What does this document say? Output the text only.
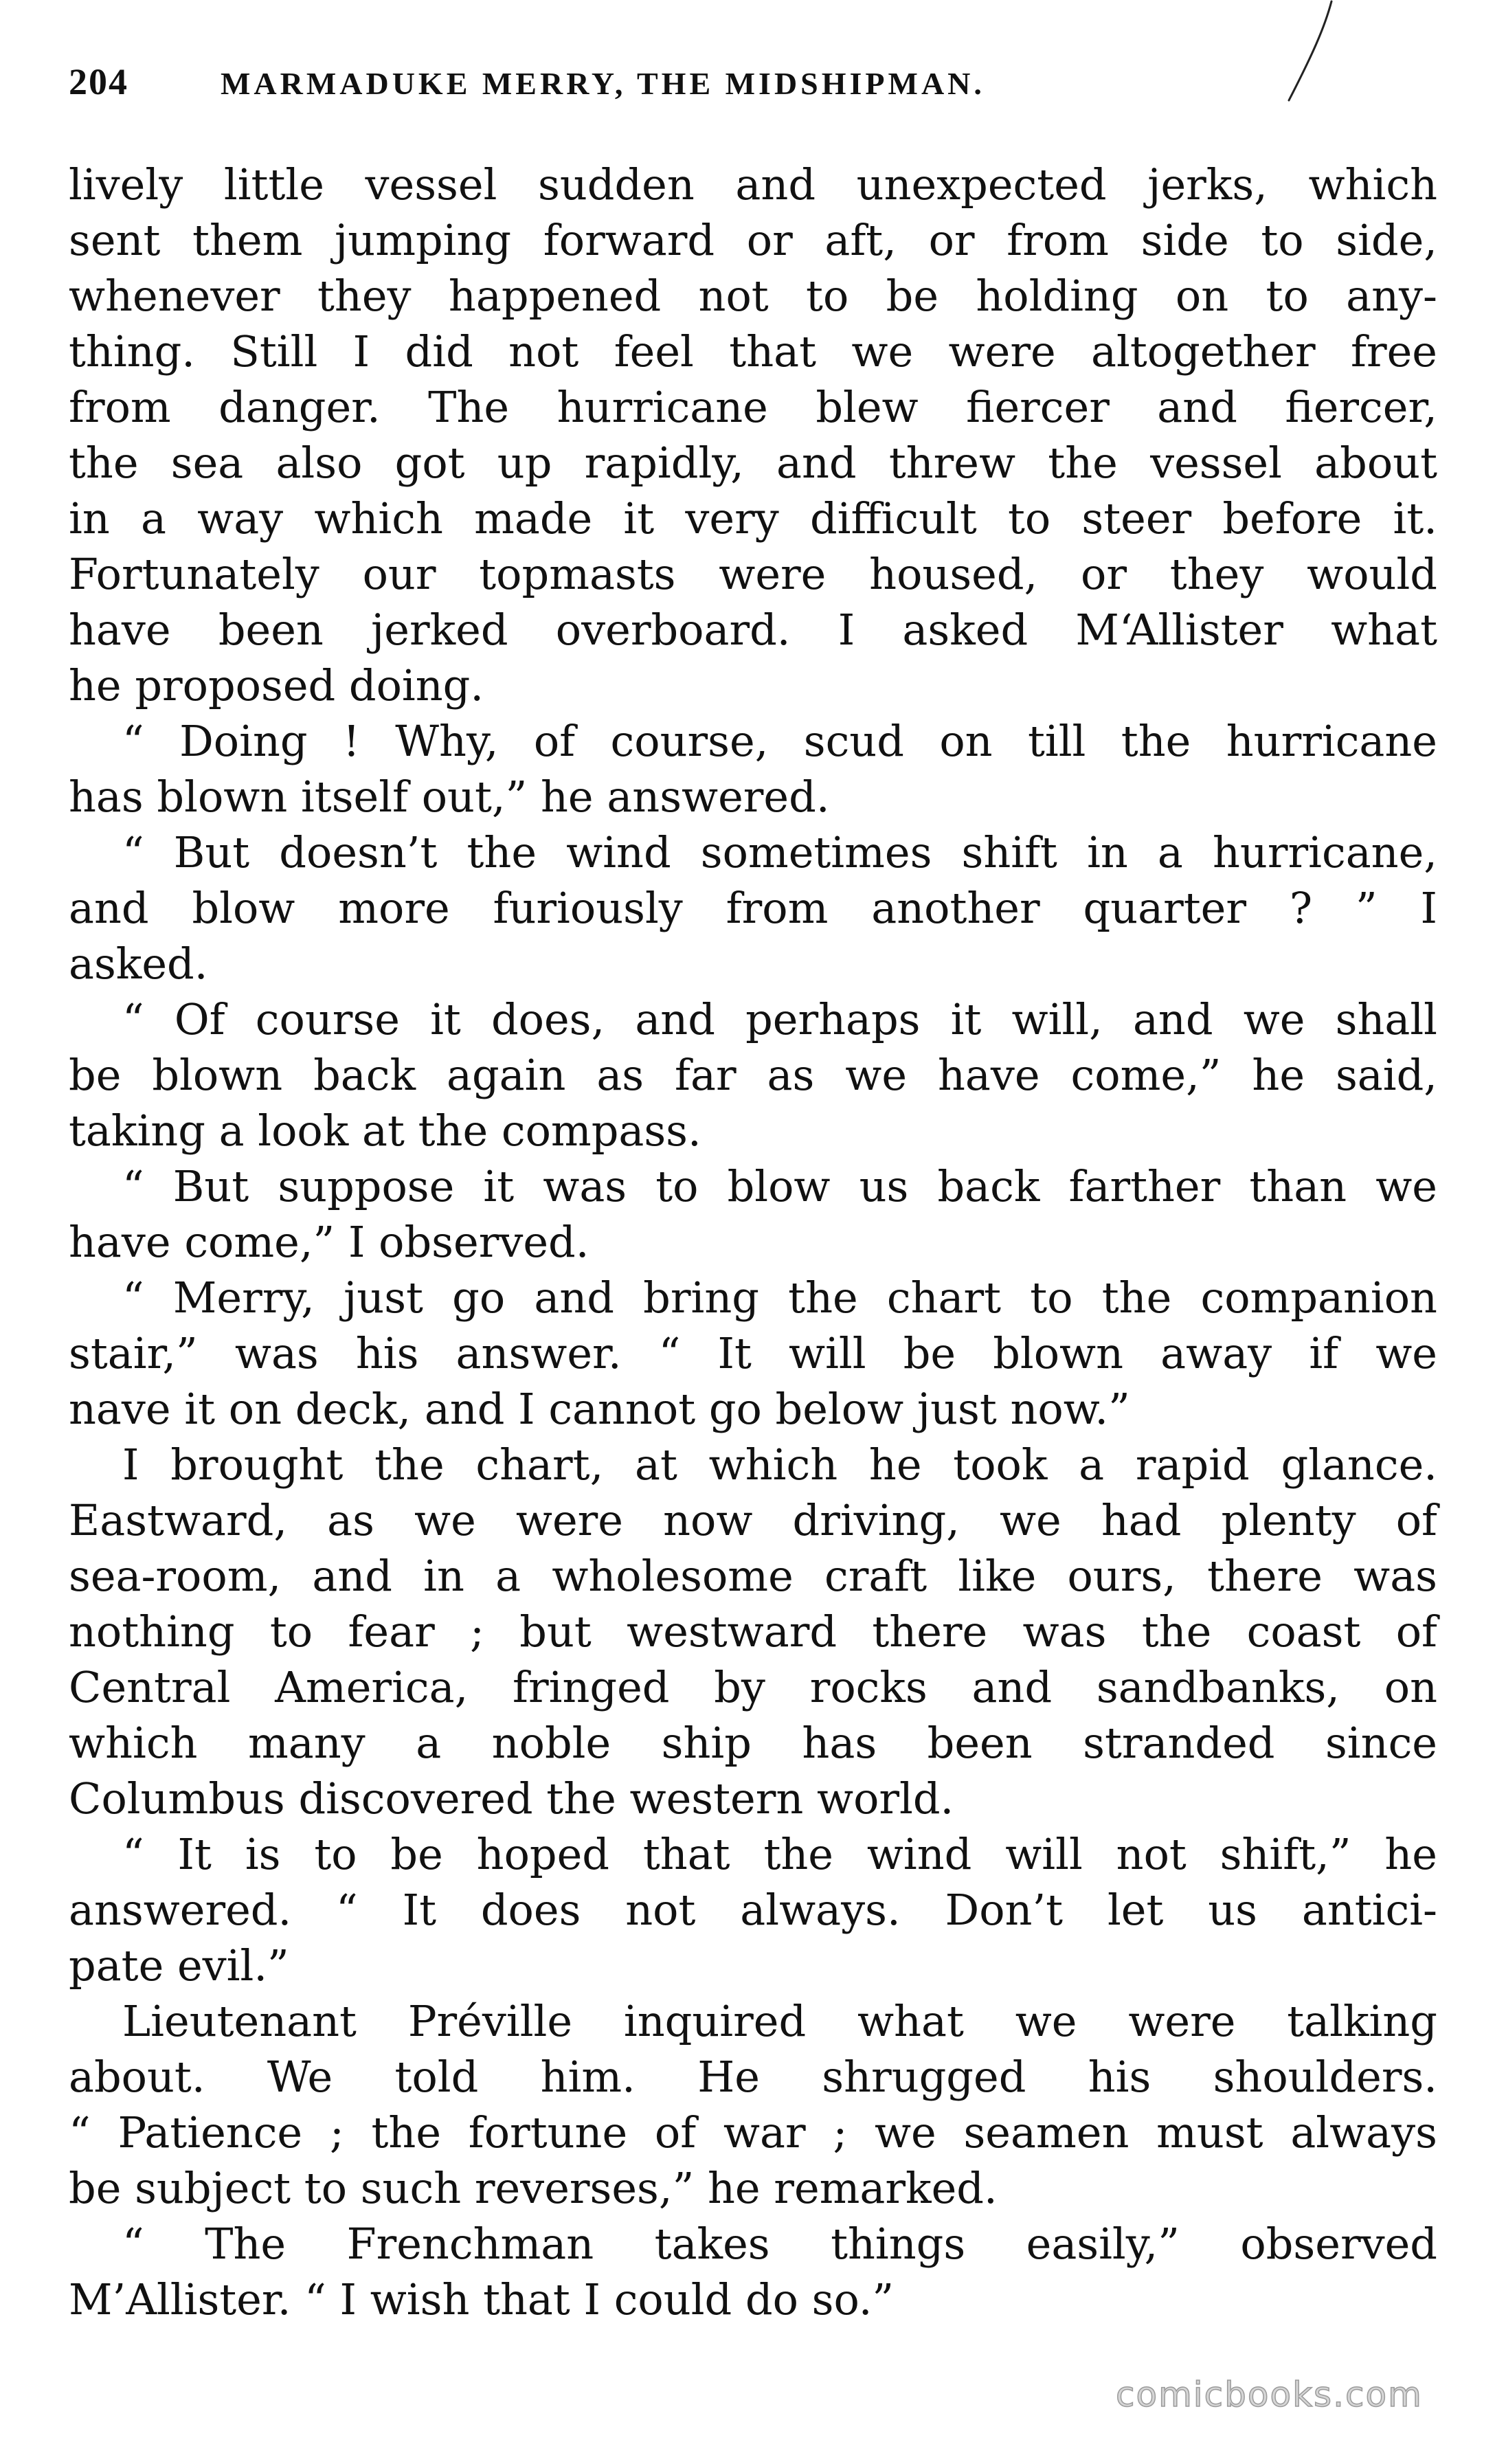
204	MARMADUKE MERRY, THE MIDSHIPMAN.
lively little vessel sudden and unexpected jerks, which
sent them jumping forward or aft, or from side to side,
whenever they happened not to be holding on to any-
thing. Still I did not feel that we were altogether free
from danger. The hurricane blew fiercer and fiercer,
the sea also got up rapidly, and threw the vessel about
in a way which made it very difficult to steer before it.
Fortunately our topmasts were housed, or they would
have been jerked overboard. I asked M‘Allister what
he proposed doing.
“ Doing ! Why, of course, scud on till the hurricane
has blown itself out,” he answered.
“ But doesn’t the wind sometimes shift in a hurricane,
and blow more furiously from another quarter ? ” I
asked.
“ Of course it does, and perhaps it will, and we shall
be blown back again as far as we have come,” he said,
taking a look at the compass.
“ But suppose it was to blow us back farther than we
have come,” I observed.
“ Merry, just go and bring the chart to the companion
stair,” was his answer. “ It will be blown away if we
nave it on deck, and I cannot go below just now.”
I brought the chart, at which he took a rapid glance.
Eastward, as we were now driving, we had plenty of
sea-room, and in a wholesome craft like ours, there was
nothing to fear ; but westward there was the coast of
Central America, fringed by rocks and sandbanks, on
which many a noble ship has been stranded since
Columbus discovered the western world.
“ It is to be hoped that the wind will not shift,” he
answered. “ It does not always. Don’t let us antici-
pate evil.”
Lieutenant Préville inquired what we were talking
about. We told him. He shrugged his shoulders.
“ Patience ; the fortune of war ; we seamen must always
be subject to such reverses,” he remarked.
“ The Frenchman takes things easily,” observed
M’Allister. “ I wish that I could do so.”
comicbooks.com
